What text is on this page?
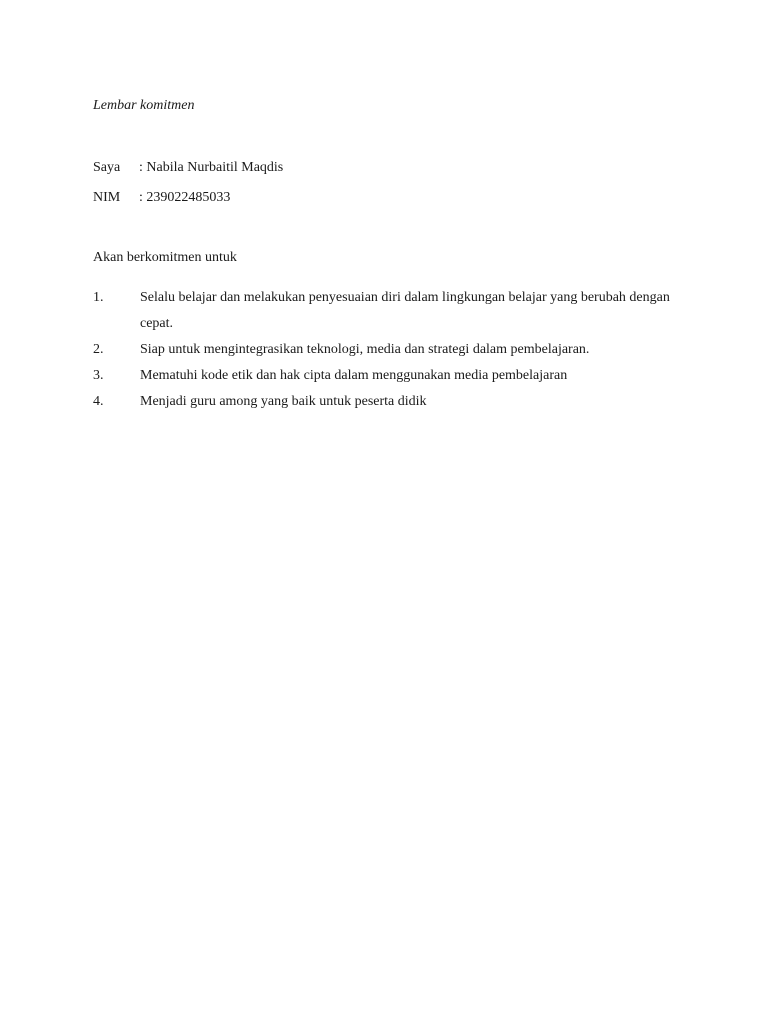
Lembar komitmen
Saya : Nabila Nurbaitil Maqdis
NIM : 239022485033
Akan berkomitmen untuk
1.	Selalu belajar dan melakukan penyesuaian diri dalam lingkungan belajar yang berubah dengan cepat.
2.	Siap untuk mengintegrasikan teknologi, media dan strategi dalam pembelajaran.
3.	Mematuhi kode etik dan hak cipta dalam menggunakan media pembelajaran
4.	Menjadi guru among yang baik untuk peserta didik
